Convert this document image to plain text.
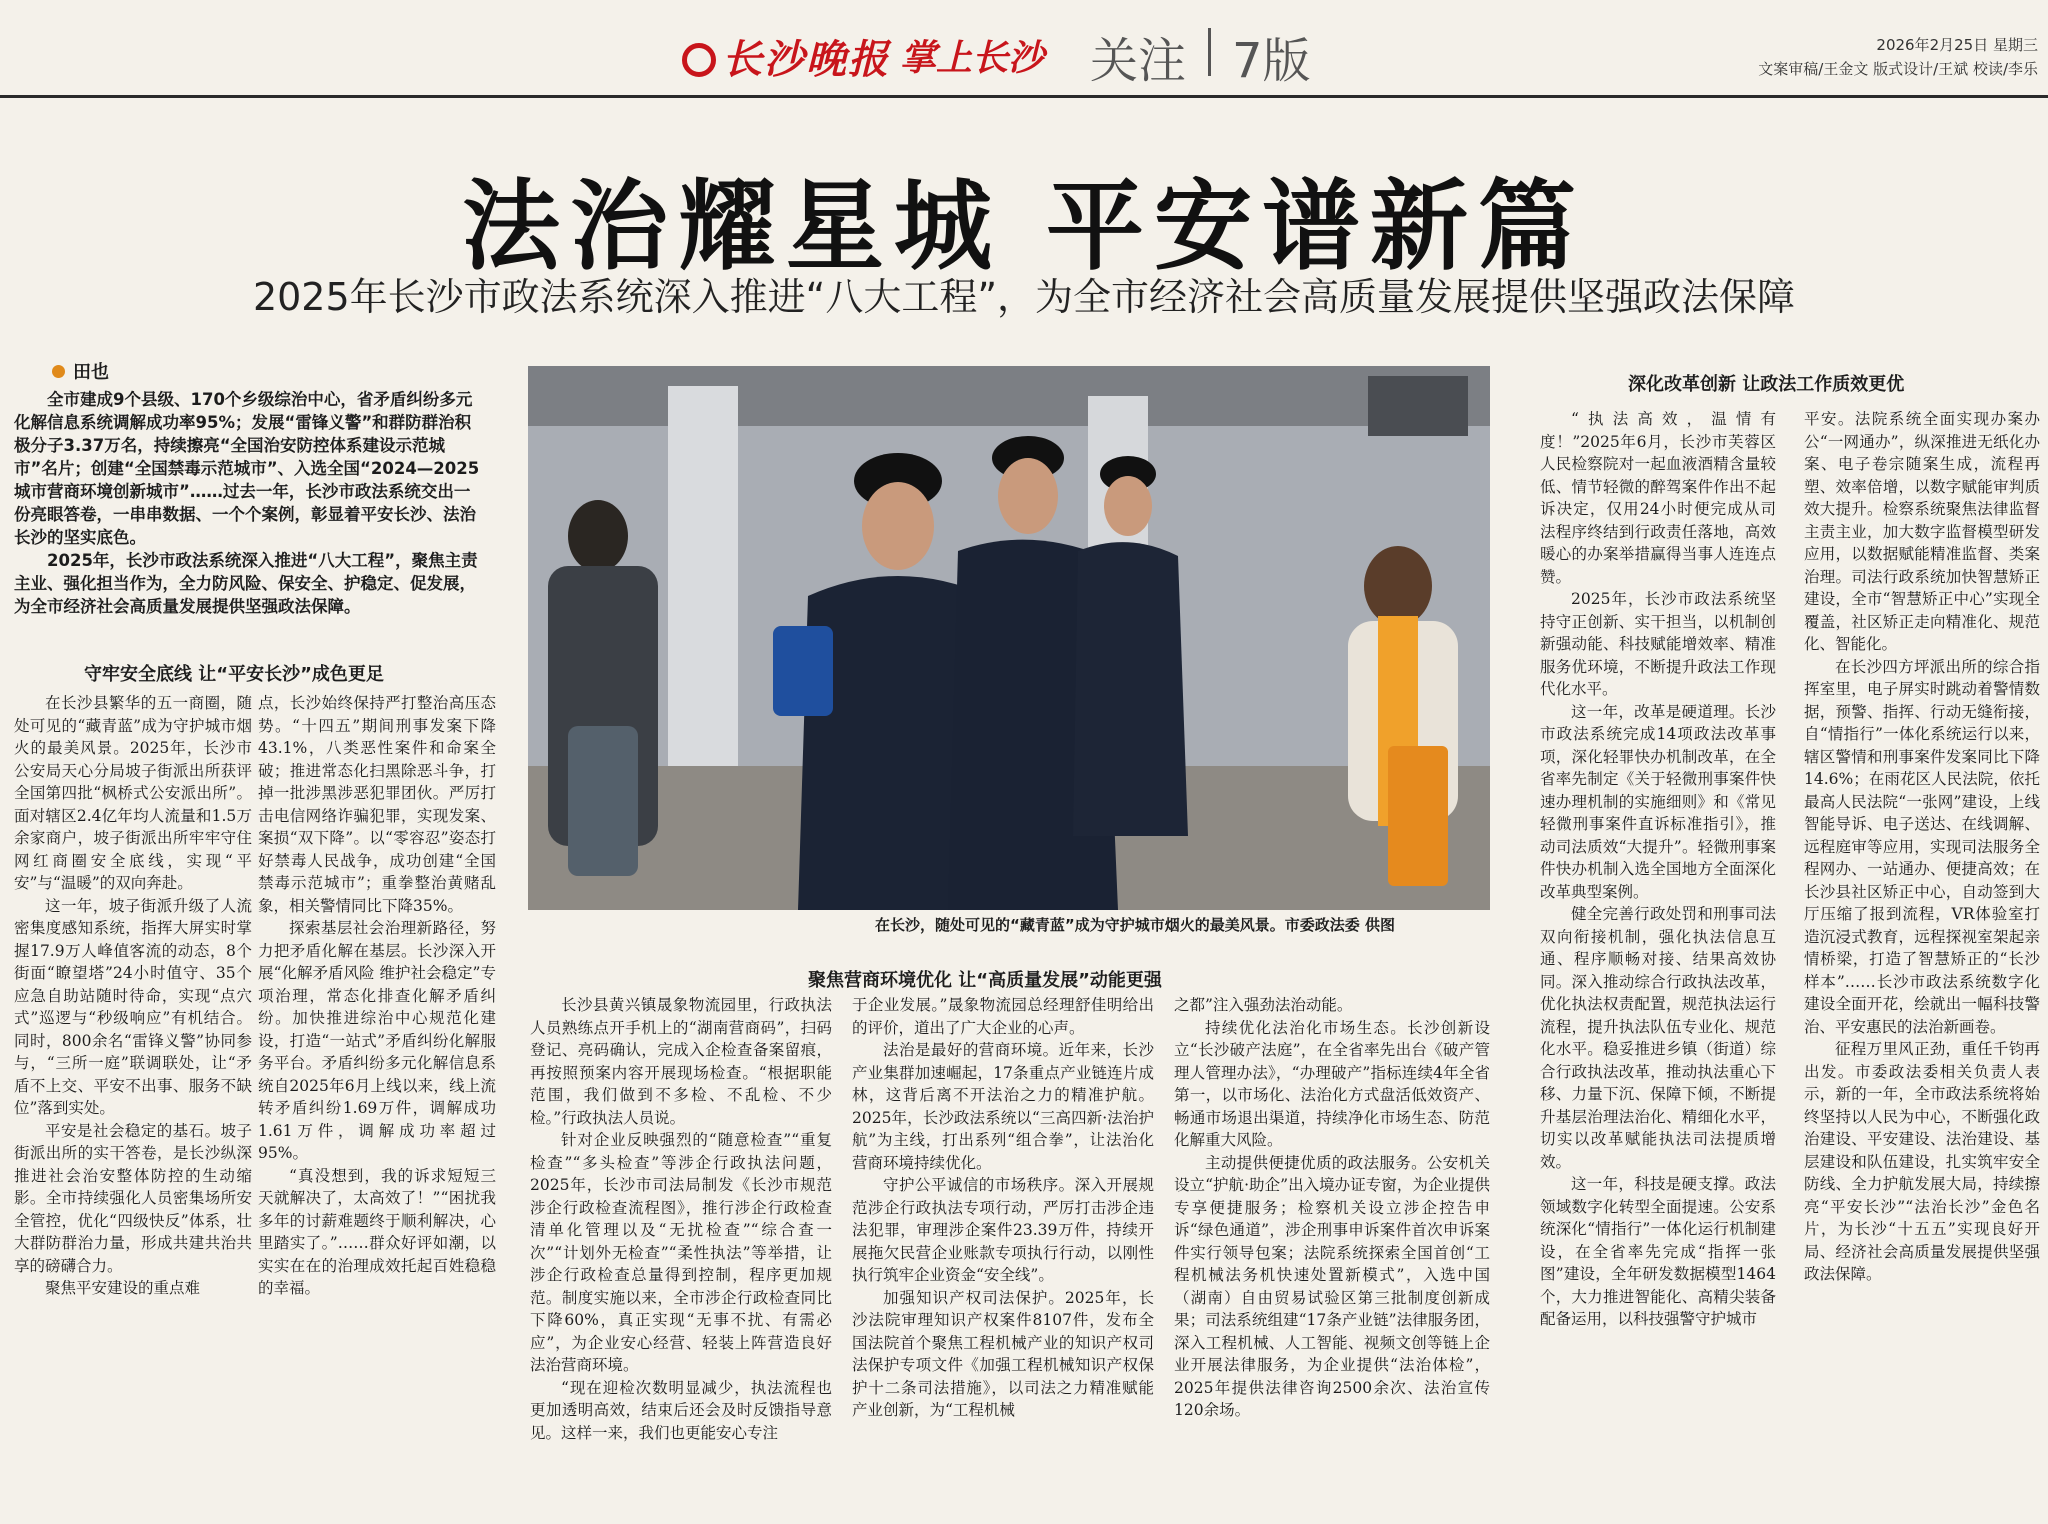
长沙晚报 掌上长沙 关注 7版	2026年2月25日 星期三
文案审稿/王金文 版式设计/王斌 校读/李乐
法治耀星城 平安谱新篇
2025年长沙市政法系统深入推进“八大工程”，为全市经济社会高质量发展提供坚强政法保障
田也

全市建成9个县级、170个乡级综治中心，省矛盾纠纷多元化解信息系统调解成功率95%；发展“雷锋义警”和群防群治积极分子3.37万名，持续擦亮“全国治安防控体系建设示范城市”名片；创建“全国禁毒示范城市”、入选全国“2024—2025城市营商环境创新城市”……过去一年，长沙市政法系统交出一份亮眼答卷，一串串数据、一个个案例，彰显着平安长沙、法治长沙的坚实底色。

2025年，长沙市政法系统深入推进“八大工程”，聚焦主责主业、强化担当作为，全力防风险、保安全、护稳定、促发展，为全市经济社会高质量发展提供坚强政法保障。

守牢安全底线 让“平安长沙”成色更足

在长沙县繁华的五一商圈，随处可见的“藏青蓝”成为守护城市烟火的最美风景。2025年，长沙市公安局天心分局坡子街派出所获评全国第四批“枫桥式公安派出所”。面对辖区2.4亿年均人流量和1.5万余家商户，坡子街派出所牢牢守住网红商圈安全底线，实现“平安”与“温暖”的双向奔赴。

这一年，坡子街派升级了人流密集度感知系统，指挥大屏实时掌握17.9万人峰值客流的动态，8个街面“瞭望塔”24小时值守、35个应急自助站随时待命，实现“点穴式”巡逻与“秒级响应”有机结合。同时，800余名“雷锋义警”协同参与，“三所一庭”联调联处，让“矛盾不上交、平安不出事、服务不缺位”落到实处。

平安是社会稳定的基石。坡子街派出所的实干答卷，是长沙纵深推进社会治安整体防控的生动缩影。全市持续强化人员密集场所安全管控，优化“四级快反”体系，壮大群防群治力量，形成共建共治共享的磅礴合力。

聚焦平安建设的重点难

点，长沙始终保持严打整治高压态势。“十四五”期间刑事发案下降43.1%，八类恶性案件和命案全破；推进常态化扫黑除恶斗争，打掉一批涉黑涉恶犯罪团伙。严厉打击电信网络诈骗犯罪，实现发案、案损“双下降”。以“零容忍”姿态打好禁毒人民战争，成功创建“全国禁毒示范城市”；重拳整治黄赌乱象，相关警情同比下降35%。

探索基层社会治理新路径，努力把矛盾化解在基层。长沙深入开展“化解矛盾风险 维护社会稳定”专项治理，常态化排查化解矛盾纠纷。加快推进综治中心规范化建设，打造“一站式”矛盾纠纷化解服务平台。矛盾纠纷多元化解信息系统自2025年6月上线以来，线上流转矛盾纠纷1.69万件，调解成功1.61万件，调解成功率超过95%。

“真没想到，我的诉求短短三天就解决了，太高效了！”“困扰我多年的讨薪难题终于顺利解决，心里踏实了。”……群众好评如潮，以实实在在的治理成效托起百姓稳稳的幸福。

在长沙，随处可见的“藏青蓝”成为守护城市烟火的最美风景。市委政法委 供图
聚焦营商环境优化 让“高质量发展”动能更强

长沙县黄兴镇晟象物流园里，行政执法人员熟练点开手机上的“湖南营商码”，扫码登记、亮码确认，完成入企检查备案留痕，再按照预案内容开展现场检查。“根据职能范围，我们做到不多检、不乱检、不少检。”行政执法人员说。

针对企业反映强烈的“随意检查”“重复检查”“多头检查”等涉企行政执法问题，2025年，长沙市司法局制发《长沙市规范涉企行政检查流程图》，推行涉企行政检查清单化管理以及“无扰检查”“综合查一次”“计划外无检查”“柔性执法”等举措，让涉企行政检查总量得到控制，程序更加规范。制度实施以来，全市涉企行政检查同比下降60%，真正实现“无事不扰、有需必应”，为企业安心经营、轻装上阵营造良好法治营商环境。

“现在迎检次数明显减少，执法流程也更加透明高效，结束后还会及时反馈指导意见。这样一来，我们也更能安心专注

于企业发展。”晟象物流园总经理舒佳明给出的评价，道出了广大企业的心声。

法治是最好的营商环境。近年来，长沙产业集群加速崛起，17条重点产业链连片成林，这背后离不开法治之力的精准护航。2025年，长沙政法系统以“三高四新·法治护航”为主线，打出系列“组合拳”，让法治化营商环境持续优化。

守护公平诚信的市场秩序。深入开展规范涉企行政执法专项行动，严厉打击涉企违法犯罪，审理涉企案件23.39万件，持续开展拖欠民营企业账款专项执行行动，以刚性执行筑牢企业资金“安全线”。

加强知识产权司法保护。2025年，长沙法院审理知识产权案件8107件，发布全国法院首个聚焦工程机械产业的知识产权司法保护专项文件《加强工程机械知识产权保护十二条司法措施》，以司法之力精准赋能产业创新，为“工程机械

之都”注入强劲法治动能。

持续优化法治化市场生态。长沙创新设立“长沙破产法庭”，在全省率先出台《破产管理人管理办法》，“办理破产”指标连续4年全省第一，以市场化、法治化方式盘活低效资产、畅通市场退出渠道，持续净化市场生态、防范化解重大风险。

主动提供便捷优质的政法服务。公安机关设立“护航·助企”出入境办证专窗，为企业提供专享便捷服务；检察机关设立涉企控告申诉“绿色通道”，涉企刑事申诉案件首次申诉案件实行领导包案；法院系统探索全国首创“工程机械法务机快速处置新模式”，入选中国（湖南）自由贸易试验区第三批制度创新成果；司法系统组建“17条产业链”法律服务团，深入工程机械、人工智能、视频文创等链上企业开展法律服务，为企业提供“法治体检”，2025年提供法律咨询2500余次、法治宣传120余场。

深化改革创新 让政法工作质效更优

“执法高效，温情有度！”2025年6月，长沙市芙蓉区人民检察院对一起血液酒精含量较低、情节轻微的醉驾案件作出不起诉决定，仅用24小时便完成从司法程序终结到行政责任落地，高效暖心的办案举措赢得当事人连连点赞。

2025年，长沙市政法系统坚持守正创新、实干担当，以机制创新强动能、科技赋能增效率、精准服务优环境，不断提升政法工作现代化水平。

这一年，改革是硬道理。长沙市政法系统完成14项政法改革事项，深化轻罪快办机制改革，在全省率先制定《关于轻微刑事案件快速办理机制的实施细则》和《常见轻微刑事案件直诉标准指引》，推动司法质效“大提升”。轻微刑事案件快办机制入选全国地方全面深化改革典型案例。

健全完善行政处罚和刑事司法双向衔接机制，强化执法信息互通、程序顺畅对接、结果高效协同。深入推动综合行政执法改革，优化执法权责配置，规范执法运行流程，提升执法队伍专业化、规范化水平。稳妥推进乡镇（街道）综合行政执法改革，推动执法重心下移、力量下沉、保障下倾，不断提升基层治理法治化、精细化水平，切实以改革赋能执法司法提质增效。

这一年，科技是硬支撑。政法领域数字化转型全面提速。公安系统深化“情指行”一体化运行机制建设，在全省率先完成“指挥一张图”建设，全年研发数据模型1464个，大力推进智能化、高精尖装备配备运用，以科技强警守护城市

平安。法院系统全面实现办案办公“一网通办”，纵深推进无纸化办案、电子卷宗随案生成，流程再塑、效率倍增，以数字赋能审判质效大提升。检察系统聚焦法律监督主责主业，加大数字监督模型研发应用，以数据赋能精准监督、类案治理。司法行政系统加快智慧矫正建设，全市“智慧矫正中心”实现全覆盖，社区矫正走向精准化、规范化、智能化。

在长沙四方坪派出所的综合指挥室里，电子屏实时跳动着警情数据，预警、指挥、行动无缝衔接，自“情指行”一体化系统运行以来，辖区警情和刑事案件发案同比下降14.6%；在雨花区人民法院，依托最高人民法院“一张网”建设，上线智能导诉、电子送达、在线调解、远程庭审等应用，实现司法服务全程网办、一站通办、便捷高效；在长沙县社区矫正中心，自动签到大厅压缩了报到流程，VR体验室打造沉浸式教育，远程探视室架起亲情桥梁，打造了智慧矫正的“长沙样本”……长沙市政法系统数字化建设全面开花，绘就出一幅科技警治、平安惠民的法治新画卷。

征程万里风正劲，重任千钧再出发。市委政法委相关负责人表示，新的一年，全市政法系统将始终坚持以人民为中心，不断强化政治建设、平安建设、法治建设、基层建设和队伍建设，扎实筑牢安全防线、全力护航发展大局，持续擦亮“平安长沙”“法治长沙”金色名片，为长沙“十五五”实现良好开局、经济社会高质量发展提供坚强政法保障。
